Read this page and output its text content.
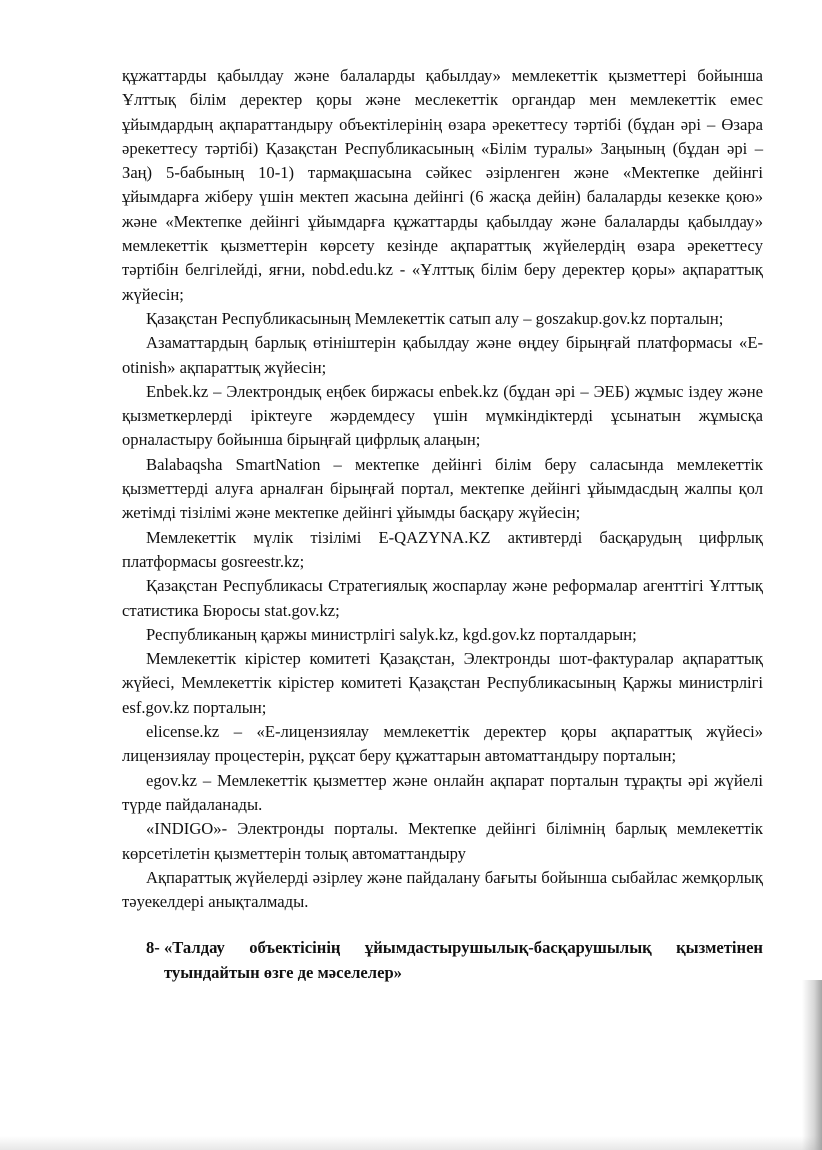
құжаттарды қабылдау және балаларды қабылдау» мемлекеттік қызметтері бойынша Ұлттық білім деректер қоры және меслекеттік органдар мен мемлекеттік емес ұйымдардың ақпараттандыру объектілерінің өзара әрекеттесу тәртібі (бұдан әрі – Өзара әрекеттесу тәртібі) Қазақстан Республикасының «Білім туралы» Заңының (бұдан әрі – Заң) 5-бабының 10-1) тармақшасына сәйкес әзірленген және «Мектепке дейінгі ұйымдарға жіберу үшін мектеп жасына дейінгі (6 жасқа дейін) балаларды кезекке қою» және «Мектепке дейінгі ұйымдарға құжаттарды қабылдау және балаларды қабылдау» мемлекеттік қызметтерін көрсету кезінде ақпараттық жүйелердің өзара әрекеттесу тәртібін белгілейді, яғни, nobd.edu.kz - «Ұлттық білім беру деректер қоры» ақпараттық жүйесін;

Қазақстан Республикасының Мемлекеттік сатып алу – goszakup.gov.kz порталын;

Азаматтардың барлық өтініштерін қабылдау және өңдеу бірыңғай платформасы «E-otinish» ақпараттық жүйесін;

Enbek.kz – Электрондық еңбек биржасы enbek.kz (бұдан әрі – ЭЕБ) жұмыс іздеу және қызметкерлерді іріктеуге жәрдемдесу үшін мүмкіндіктерді ұсынатын жұмысқа орналастыру бойынша бірыңғай цифрлық алаңын;

Balabaqsha SmartNation – мектепке дейінгі білім беру саласында мемлекеттік қызметтерді алуға арналған бірыңғай портал, мектепке дейінгі ұйымдасдың жалпы қол жетімді тізілімі және мектепке дейінгі ұйымды басқару жүйесін;

Мемлекеттік мүлік тізілімі E-QAZYNA.KZ активтерді басқарудың цифрлық платформасы gosreestr.kz;

Қазақстан Республикасы Стратегиялық жоспарлау және реформалар агенттігі Ұлттық статистика Бюросы stat.gov.kz;

Республиканың қаржы министрлігі salyk.kz, kgd.gov.kz порталдарын;

Мемлекеттік кірістер комитеті Қазақстан, Электронды шот-фактуралар ақпараттық жүйесі, Мемлекеттік кірістер комитеті Қазақстан Республикасының Қаржы министрлігі esf.gov.kz порталын;

elicense.kz – «Е-лицензиялау мемлекеттік деректер қоры ақпараттық жүйесі» лицензиялау процестерін, рұқсат беру құжаттарын автоматтандыру порталын;

egov.kz – Мемлекеттік қызметтер және онлайн ақпарат порталын тұрақты әрі жүйелі түрде пайдаланады.

«INDIGO»- Электронды порталы. Мектепке дейінгі білімнің барлық мемлекеттік көрсетілетін қызметтерін толық автоматтандыру

Ақпараттық жүйелерді әзірлеу және пайдалану бағыты бойынша сыбайлас жемқорлық тәуекелдері анықталмады.

8- «Талдау объектісінің ұйымдастырушылық-басқарушылық қызметінен туындайтын өзге де мәселелер»
